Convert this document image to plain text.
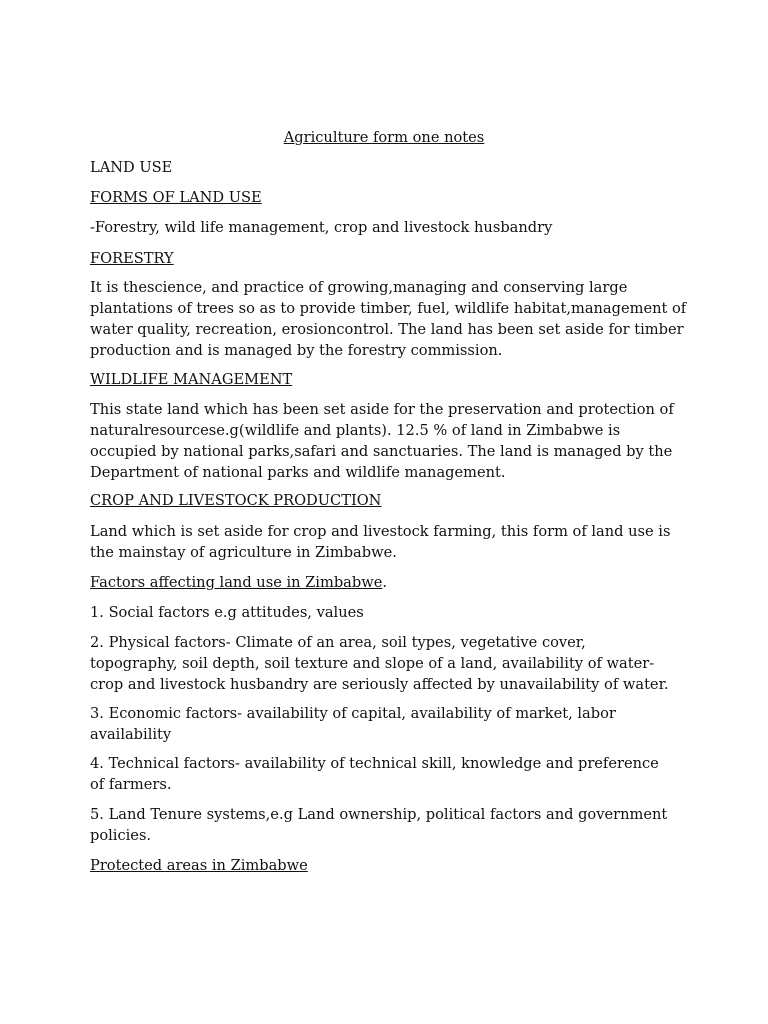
Agriculture form one notes

LAND USE

FORMS OF LAND USE

-Forestry, wild life management, crop and livestock husbandry

FORESTRY

It is thescience, and practice of growing,managing and conserving large plantations of trees so as to provide timber, fuel, wildlife habitat,management of water quality, recreation, erosioncontrol. The land has been set aside for timber production and is managed by the forestry commission.

WILDLIFE MANAGEMENT

This state land which has been set aside for the preservation and protection of naturalresourcese.g(wildlife and plants). 12.5 % of land in Zimbabwe is occupied by national parks,safari and sanctuaries. The land is managed by the Department of national parks and wildlife management.

CROP AND LIVESTOCK PRODUCTION

Land which is set aside for crop and livestock farming, this form of land use is the mainstay of agriculture in Zimbabwe.

Factors affecting land use in Zimbabwe.

1. Social factors e.g attitudes, values

2. Physical factors- Climate of an area, soil types, vegetative cover, topography, soil depth, soil texture and slope of a land, availability of water- crop and livestock husbandry are seriously affected by unavailability of water.

3. Economic factors- availability of capital, availability of market, labor availability

4. Technical factors- availability of technical skill, knowledge and preference of farmers.

5. Land Tenure systems,e.g Land ownership, political factors and government policies.

Protected areas in Zimbabwe
